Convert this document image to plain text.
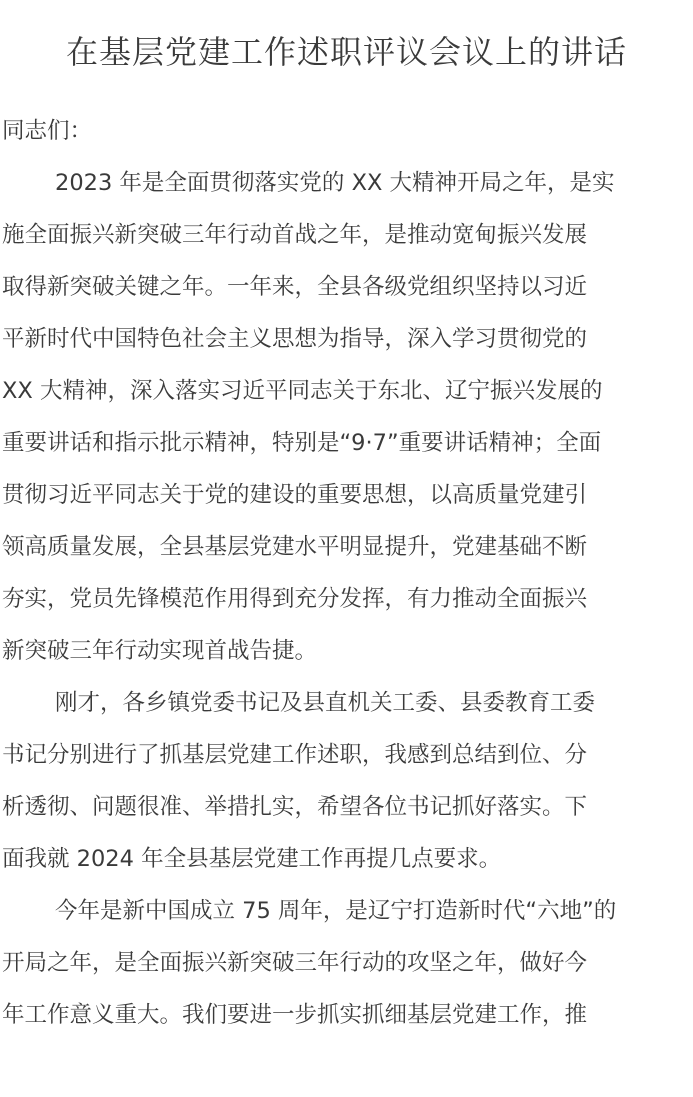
在基层党建工作述职评议会议上的讲话
同志们：
2023 年是全面贯彻落实党的 XX 大精神开局之年，是实
施全面振兴新突破三年行动首战之年，是推动宽甸振兴发展
取得新突破关键之年。一年来，全县各级党组织坚持以习近
平新时代中国特色社会主义思想为指导，深入学习贯彻党的
XX 大精神，深入落实习近平同志关于东北、辽宁振兴发展的
重要讲话和指示批示精神，特别是“9·7”重要讲话精神；全面
贯彻习近平同志关于党的建设的重要思想，以高质量党建引
领高质量发展，全县基层党建水平明显提升，党建基础不断
夯实，党员先锋模范作用得到充分发挥，有力推动全面振兴
新突破三年行动实现首战告捷。
刚才，各乡镇党委书记及县直机关工委、县委教育工委
书记分别进行了抓基层党建工作述职，我感到总结到位、分
析透彻、问题很准、举措扎实，希望各位书记抓好落实。下
面我就 2024 年全县基层党建工作再提几点要求。
今年是新中国成立 75 周年，是辽宁打造新时代“六地”的
开局之年，是全面振兴新突破三年行动的攻坚之年，做好今
年工作意义重大。我们要进一步抓实抓细基层党建工作，推
